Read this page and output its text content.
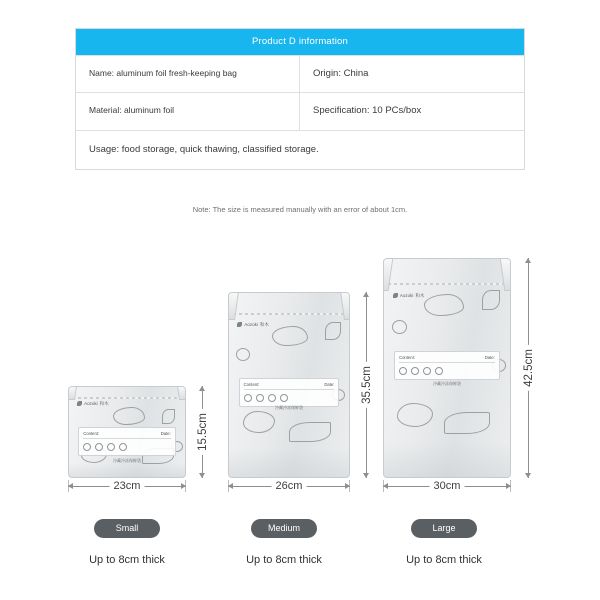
Product D information
Name: aluminum foil fresh-keeping bag	Origin: China
Material: aluminum foil	Specification: 10 PCs/box
Usage: food storage, quick thawing, classified storage.
Note: The size is measured manually with an error of about 1cm.
Aozoki 和木
Content:	Date:
冷藏冷冻保鲜袋
23cm
15.5cm
Small
Up to 8cm thick
Aozoki 和木
Content:	Date:
冷藏冷冻保鲜袋
26cm
35.5cm
Medium
Up to 8cm thick
Aozoki 和木
Content:	Date:
冷藏冷冻保鲜袋
30cm
42.5cm
Large
Up to 8cm thick
